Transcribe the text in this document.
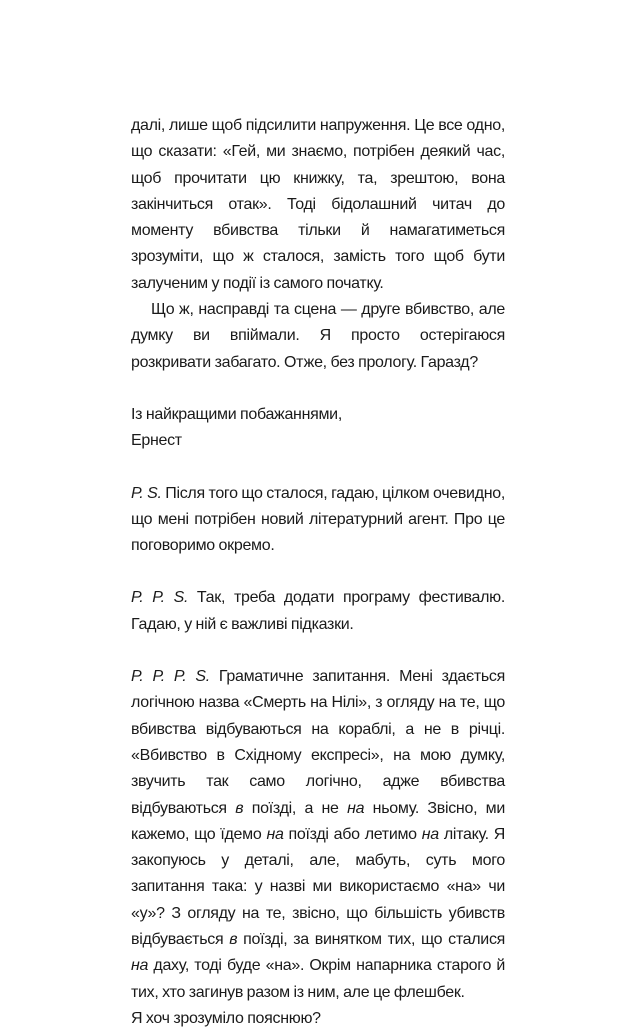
далі, лише щоб підсилити напруження. Це все одно, що сказати: «Гей, ми знаємо, потрібен деякий час, щоб прочитати цю книжку, та, зрештою, вона закінчиться отак». Тоді бідолашний читач до моменту вбивства тільки й намагатиметься зрозуміти, що ж сталося, замість того щоб бути залученим у події із самого початку.

Що ж, насправді та сцена — друге вбивство, але думку ви впіймали. Я просто остерігаюся розкривати забагато. Отже, без прологу. Гаразд?

Із найкращими побажаннями,

Ернест

P. S. Після того що сталося, гадаю, цілком очевидно, що мені потрібен новий літературний агент. Про це поговоримо окремо.

P. P. S. Так, треба додати програму фестивалю. Гадаю, у ній є важливі підказки.

P. P. P. S. Граматичне запитання. Мені здається логічною назва «Смерть на Нілі», з огляду на те, що вбивства відбуваються на кораблі, а не в річці. «Вбивство в Східному експресі», на мою думку, звучить так само логічно, адже вбивства відбуваються в поїзді, а не на ньому. Звісно, ми кажемо, що їдемо на поїзді або летимо на літаку. Я закопуюсь у деталі, але, мабуть, суть мого запитання така: у назві ми використаємо «на» чи «у»? З огляду на те, звісно, що більшість убивств відбувається в поїзді, за винятком тих, що сталися на даху, тоді буде «на». Окрім напарника старого й тих, хто загинув разом із ним, але це флешбек.

Я хоч зрозуміло пояснюю?
